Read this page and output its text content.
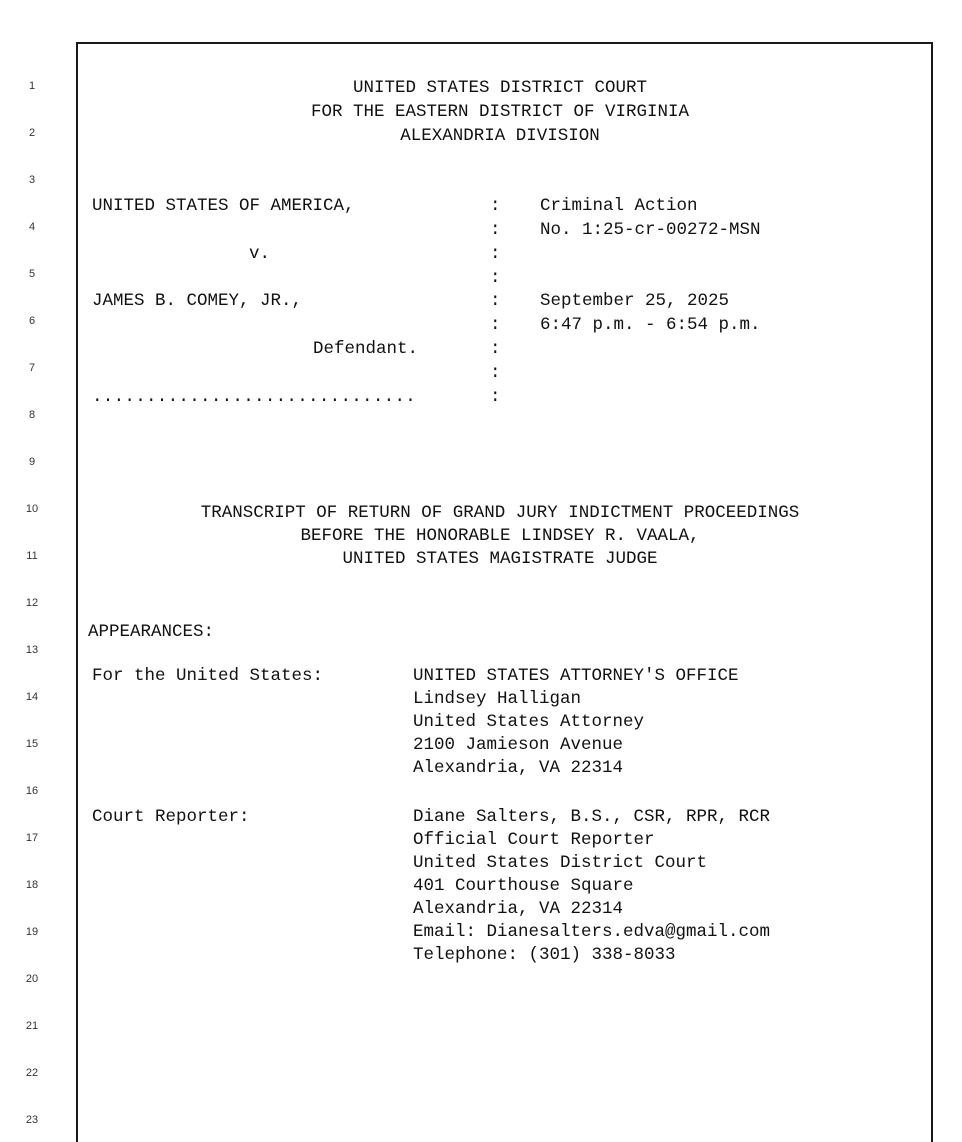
1
2
3
4
5
6
7
8
9
10
11
12
13
14
15
16
17
18
19
20
21
22
23
UNITED STATES DISTRICT COURT
FOR THE EASTERN DISTRICT OF VIRGINIA
ALEXANDRIA DIVISION
UNITED STATES OF AMERICA,
v.
JAMES B. COMEY, JR.,
Defendant.
..............................
:
:
:
:
:
:
:
:
:
Criminal Action
No. 1:25-cr-00272-MSN
September 25, 2025
6:47 p.m. - 6:54 p.m.
TRANSCRIPT OF RETURN OF GRAND JURY INDICTMENT PROCEEDINGS
BEFORE THE HONORABLE LINDSEY R. VAALA,
UNITED STATES MAGISTRATE JUDGE
APPEARANCES:
For the United States:	UNITED STATES ATTORNEY'S OFFICE
Lindsey Halligan
United States Attorney
2100 Jamieson Avenue
Alexandria, VA 22314
Court Reporter:	Diane Salters, B.S., CSR, RPR, RCR
Official Court Reporter
United States District Court
401 Courthouse Square
Alexandria, VA 22314
Email: Dianesalters.edva@gmail.com
Telephone: (301) 338-8033
